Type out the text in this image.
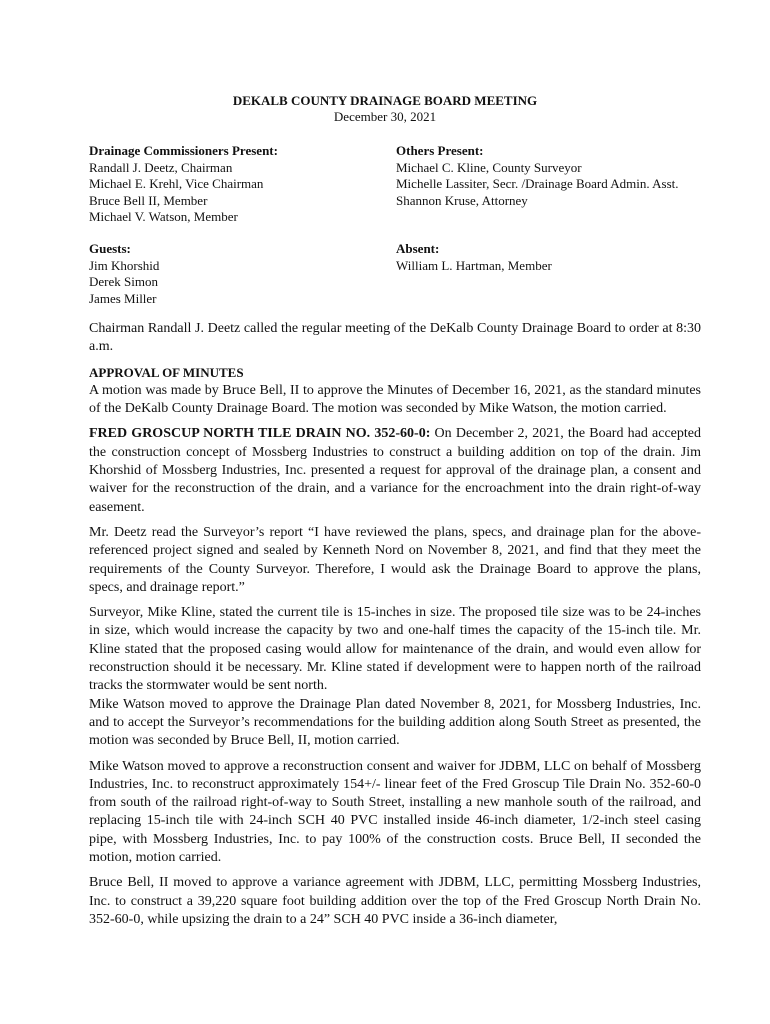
DEKALB COUNTY DRAINAGE BOARD MEETING
December 30, 2021
Drainage Commissioners Present:
Randall J. Deetz, Chairman
Michael E. Krehl, Vice Chairman
Bruce Bell II, Member
Michael V. Watson, Member
Others Present:
Michael C. Kline, County Surveyor
Michelle Lassiter, Secr. /Drainage Board Admin. Asst.
Shannon Kruse, Attorney
Guests:
Jim Khorshid
Derek Simon
James Miller
Absent:
William L. Hartman, Member

Chairman Randall J. Deetz called the regular meeting of the DeKalb County Drainage Board to order at 8:30 a.m.

APPROVAL OF MINUTES
A motion was made by Bruce Bell, II to approve the Minutes of December 16, 2021, as the standard minutes of the DeKalb County Drainage Board. The motion was seconded by Mike Watson, the motion carried.

FRED GROSCUP NORTH TILE DRAIN NO. 352-60-0: On December 2, 2021, the Board had accepted the construction concept of Mossberg Industries to construct a building addition on top of the drain. Jim Khorshid of Mossberg Industries, Inc. presented a request for approval of the drainage plan, a consent and waiver for the reconstruction of the drain, and a variance for the encroachment into the drain right-of-way easement.

Mr. Deetz read the Surveyor’s report “I have reviewed the plans, specs, and drainage plan for the above-referenced project signed and sealed by Kenneth Nord on November 8, 2021, and find that they meet the requirements of the County Surveyor. Therefore, I would ask the Drainage Board to approve the plans, specs, and drainage report.”

Surveyor, Mike Kline, stated the current tile is 15-inches in size. The proposed tile size was to be 24-inches in size, which would increase the capacity by two and one-half times the capacity of the 15-inch tile. Mr. Kline stated that the proposed casing would allow for maintenance of the drain, and would even allow for reconstruction should it be necessary. Mr. Kline stated if development were to happen north of the railroad tracks the stormwater would be sent north.

Mike Watson moved to approve the Drainage Plan dated November 8, 2021, for Mossberg Industries, Inc. and to accept the Surveyor’s recommendations for the building addition along South Street as presented, the motion was seconded by Bruce Bell, II, motion carried.

Mike Watson moved to approve a reconstruction consent and waiver for JDBM, LLC on behalf of Mossberg Industries, Inc. to reconstruct approximately 154+/- linear feet of the Fred Groscup Tile Drain No. 352-60-0 from south of the railroad right-of-way to South Street, installing a new manhole south of the railroad, and replacing 15-inch tile with 24-inch SCH 40 PVC installed inside 46-inch diameter, 1/2-inch steel casing pipe, with Mossberg Industries, Inc. to pay 100% of the construction costs. Bruce Bell, II seconded the motion, motion carried.

Bruce Bell, II moved to approve a variance agreement with JDBM, LLC, permitting Mossberg Industries, Inc. to construct a 39,220 square foot building addition over the top of the Fred Groscup North Drain No. 352-60-0, while upsizing the drain to a 24” SCH 40 PVC inside a 36-inch diameter,
